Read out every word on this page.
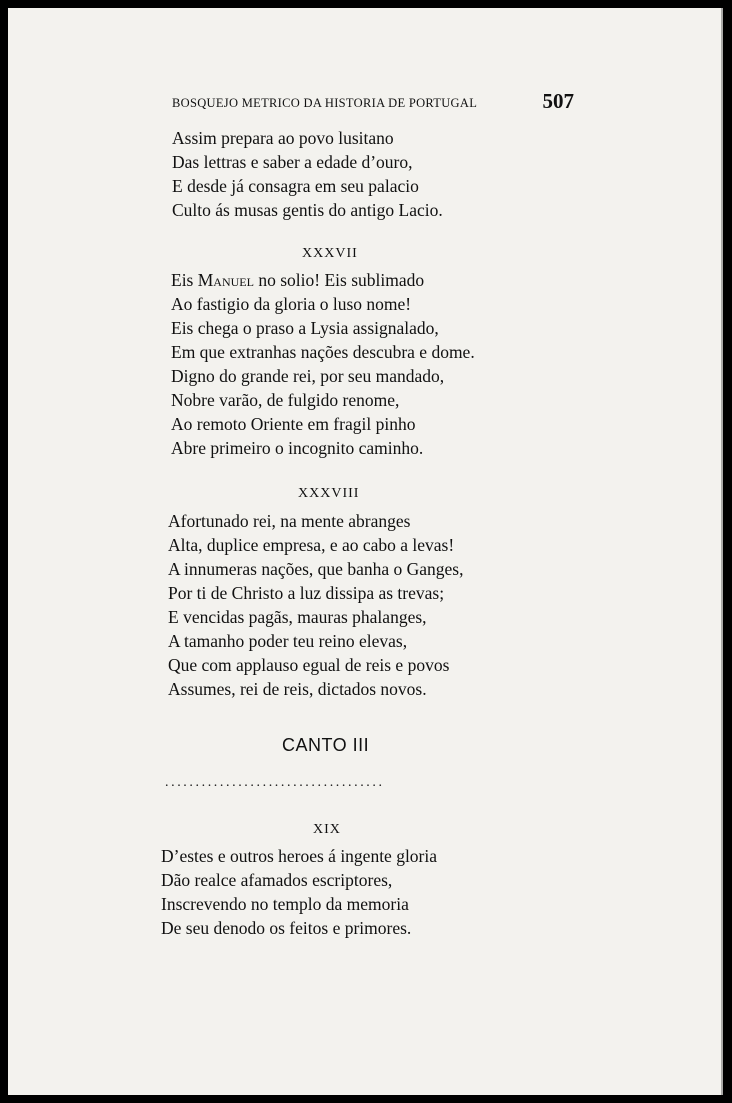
BOSQUEJO METRICO DA HISTORIA DE PORTUGAL	507
Assim prepara ao povo lusitano
Das lettras e saber a edade d’ouro,
E desde já consagra em seu palacio
Culto ás musas gentis do antigo Lacio.
XXXVII
Eis Manuel no solio! Eis sublimado
Ao fastigio da gloria o luso nome!
Eis chega o praso a Lysia assignalado,
Em que extranhas nações descubra e dome.
Digno do grande rei, por seu mandado,
Nobre varão, de fulgido renome,
Ao remoto Oriente em fragil pinho
Abre primeiro o incognito caminho.
XXXVIII
Afortunado rei, na mente abranges
Alta, duplice empresa, e ao cabo a levas!
A innumeras nações, que banha o Ganges,
Por ti de Christo a luz dissipa as trevas;
E vencidas pagãs, mauras phalanges,
A tamanho poder teu reino elevas,
Que com applauso egual de reis e povos
Assumes, rei de reis, dictados novos.
CANTO III
....................................
XIX
D’estes e outros heroes á ingente gloria
Dão realce afamados escriptores,
Inscrevendo no templo da memoria
De seu denodo os feitos e primores.
